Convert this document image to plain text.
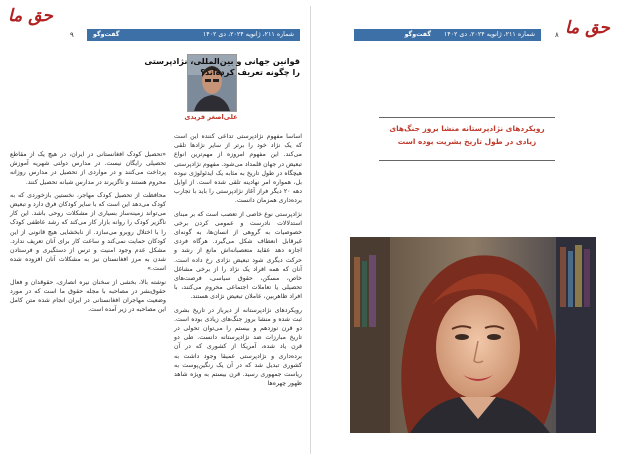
حق ما
شماره ۲۱۱، ژانویه ۲۰۲۴، دی ۱۴۰۲
گفت‌وگو
۹
علی‌اصغر فریدی
قوانین جهانی و بین‌المللی، نژادپرستی
را چگونه تعریف کرده‌اند؟

اساسا مفهوم نژادپرستی تداعی کننده این است که یک نژاد خود را برتر از سایر نژادها تلقی می‌کند. این مفهوم امروزه از مهم‌ترین انواع تبعیض در جهان قلمداد می‌شود. مفهوم نژادپرستی هیچگاه در طول تاریخ به مثابه یک ایدئولوژی نبوده بل، همواره امر نهادینه تلقی شده است. از اوایل دهه ۲۰ دیگر فراز آغاز نژادپرستی را باید با تجارب برده‌داری همزمان دانست.

نژادپرستی نوع خاصی از تعصب است که بر مبنای استدلالات نادرست و عمومی کردن برخی خصوصیات به گروهی از انسان‌ها، به گونه‌ای غیرقابل انعطاف شکل می‌گیرد. هرگاه فردی اجازه دهد عقاید متعصبانه‌اش مانع از رشد و حرکت دیگری شود تبعیض نژادی رخ داده است. آنان که همه افراد یک نژاد را از برخی مشاغل خاص، مسکن، حقوق سیاسی، فرصت‌های تحصیلی یا تعاملات اجتماعی محروم می‌کنند، با افراد ظاهربین، عاملان تبعیض نژادی هستند.

رویکردهای نژادپرستانه از دیرباز در تاریخ بشری ثبت شده و منشا بروز جنگ‌های زیادی بوده است. دو قرن نوزدهم و بیستم را می‌توان تحولی در تاریخ مبارزات ضد نژادپرستانه دانست. طی دو قرن یاد شده، آمریکا از کشوری که در آن برده‌داری و نژادپرستی عمیقا وجود داشت به کشوری تبدیل شد که در آن یک رنگین‌پوست به ریاست جمهوری رسید. قرن بیستم به ویژه شاهد ظهور چهره‌ها

«تحصیل کودک افغانستانی در ایران، در هیچ یک از مقاطع تحصیلی رایگان نیست. در مدارس دولتی شهریه آموزش پرداخت می‌کنند و در مواردی از تحصیل در مدارس روزانه محروم هستند و ناگزیرند در مدارس شبانه تحصیل کنند.

محافظت از تحصیل کودک مهاجر، نخستین بازخوردی که به کودک می‌دهد این است که با سایر کودکان فرق دارد و تبعیض می‌تواند زمینه‌ساز بسیاری از مشکلات روحی باشد. این کار ناگزیر کودک را روانه بازار کار می‌کند که رشد عاطفی کودک را با اختلال روبرو می‌سازد. از نابخشایی هیچ قانونی از این کودکان حمایت نمی‌کند و ساعت کار برای آنان تعریف ندارد. مشکل عدم وجود امنیت و ترس از دستگیری و فرستادن شدن به مرز افغانستان نیز به مشکلات آنان افزوده شده است.»

نوشته بالا، بخشی از سخنان نیره انصاری، حقوقدان و فعال حقوق‌بشر در مصاحبه با مجله حقوق ما است که در مورد وضعیت مهاجران افغانستانی در ایران انجام شده متن کامل این مصاحبه در زیر آمده است.

شماره ۲۱۱، ژانویه ۲۰۲۴، دی ۱۴۰۲
گفت‌وگو	۸ حق ما
رویکردهای نژادپرستانه منشا بروز جنگ‌های
زیادی در طول تاریخ بشریت بوده است
